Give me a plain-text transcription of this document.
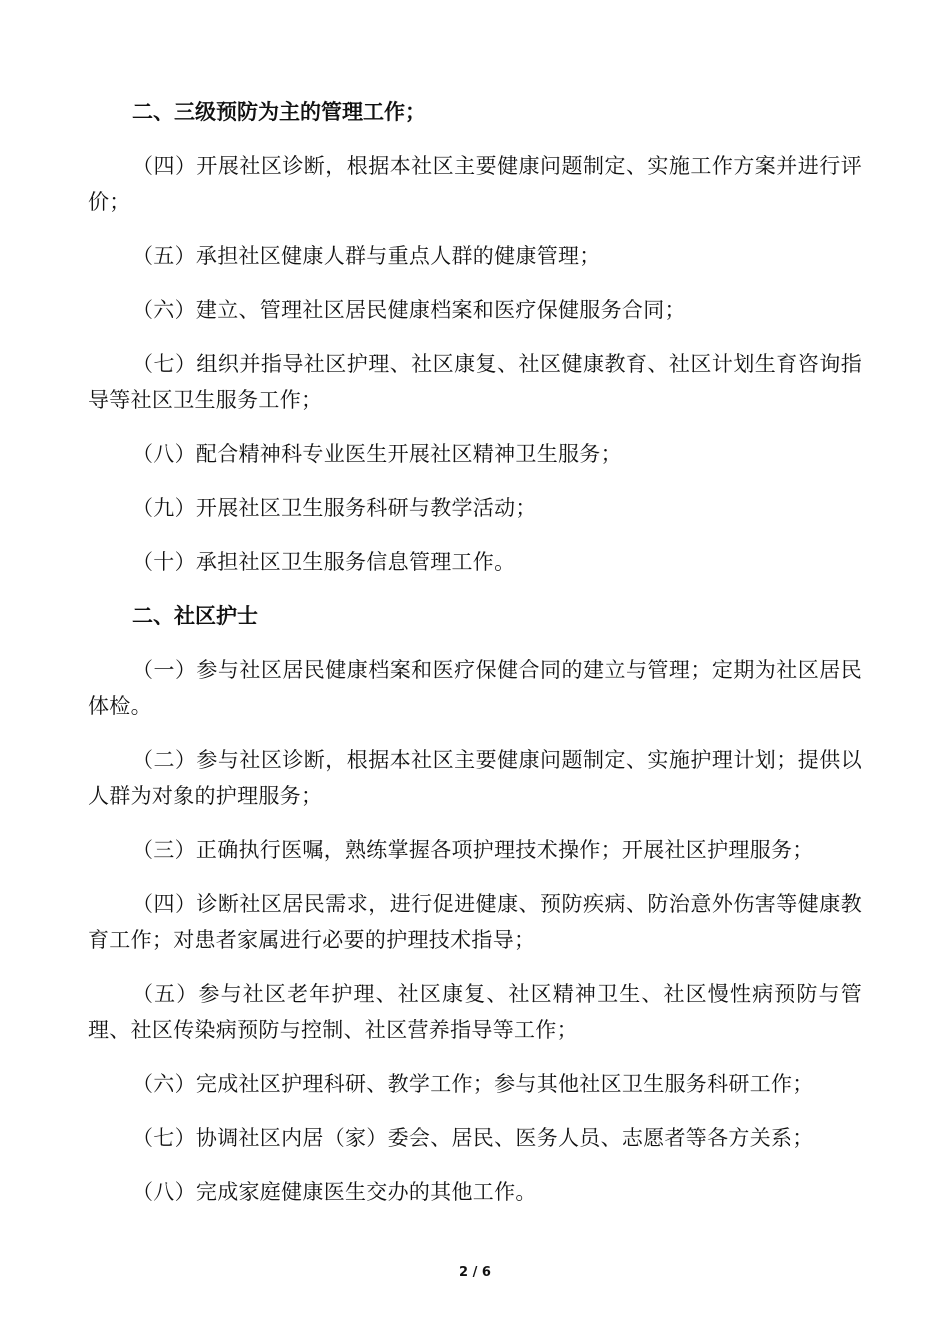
二、三级预防为主的管理工作；

（四）开展社区诊断，根据本社区主要健康问题制定、实施工作方案并进行评价；

（五）承担社区健康人群与重点人群的健康管理；

（六）建立、管理社区居民健康档案和医疗保健服务合同；

（七）组织并指导社区护理、社区康复、社区健康教育、社区计划生育咨询指导等社区卫生服务工作；

（八）配合精神科专业医生开展社区精神卫生服务；

（九）开展社区卫生服务科研与教学活动；

（十）承担社区卫生服务信息管理工作。

二、社区护士

（一）参与社区居民健康档案和医疗保健合同的建立与管理；定期为社区居民体检。

（二）参与社区诊断，根据本社区主要健康问题制定、实施护理计划；提供以人群为对象的护理服务；

（三）正确执行医嘱，熟练掌握各项护理技术操作；开展社区护理服务；

（四）诊断社区居民需求，进行促进健康、预防疾病、防治意外伤害等健康教育工作；对患者家属进行必要的护理技术指导；

（五）参与社区老年护理、社区康复、社区精神卫生、社区慢性病预防与管理、社区传染病预防与控制、社区营养指导等工作；

（六）完成社区护理科研、教学工作；参与其他社区卫生服务科研工作；

（七）协调社区内居（家）委会、居民、医务人员、志愿者等各方关系；

（八）完成家庭健康医生交办的其他工作。

2 / 6
